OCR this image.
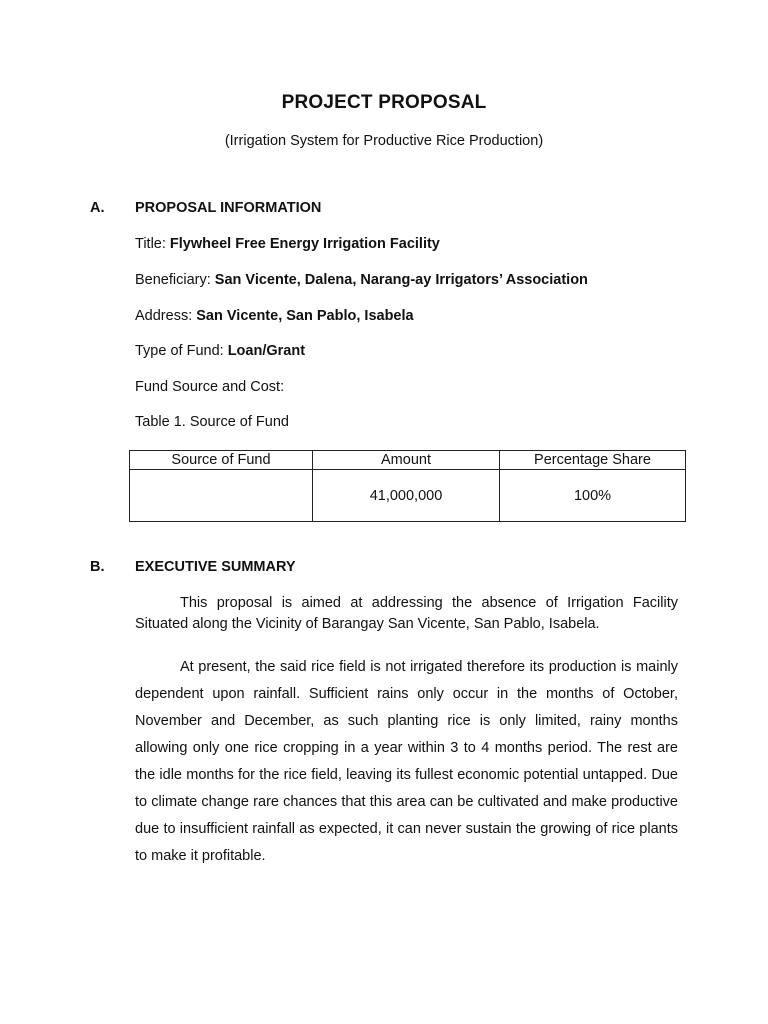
PROJECT PROPOSAL
(Irrigation System for Productive Rice Production)
A. PROPOSAL INFORMATION
Title: Flywheel Free Energy Irrigation Facility
Beneficiary: San Vicente, Dalena, Narang-ay Irrigators’ Association
Address: San Vicente, San Pablo, Isabela
Type of Fund: Loan/Grant
Fund Source and Cost:
Table 1. Source of Fund
Source of Fund	Amount	Percentage Share
	41,000,000	100%
B. EXECUTIVE SUMMARY
This proposal is aimed at addressing the absence of Irrigation Facility Situated along the Vicinity of Barangay San Vicente, San Pablo, Isabela.
At present, the said rice field is not irrigated therefore its production is mainly dependent upon rainfall. Sufficient rains only occur in the months of October, November and December, as such planting rice is only limited, rainy months allowing only one rice cropping in a year within 3 to 4 months period. The rest are the idle months for the rice field, leaving its fullest economic potential untapped. Due to climate change rare chances that this area can be cultivated and make productive due to insufficient rainfall as expected, it can never sustain the growing of rice plants to make it profitable.
